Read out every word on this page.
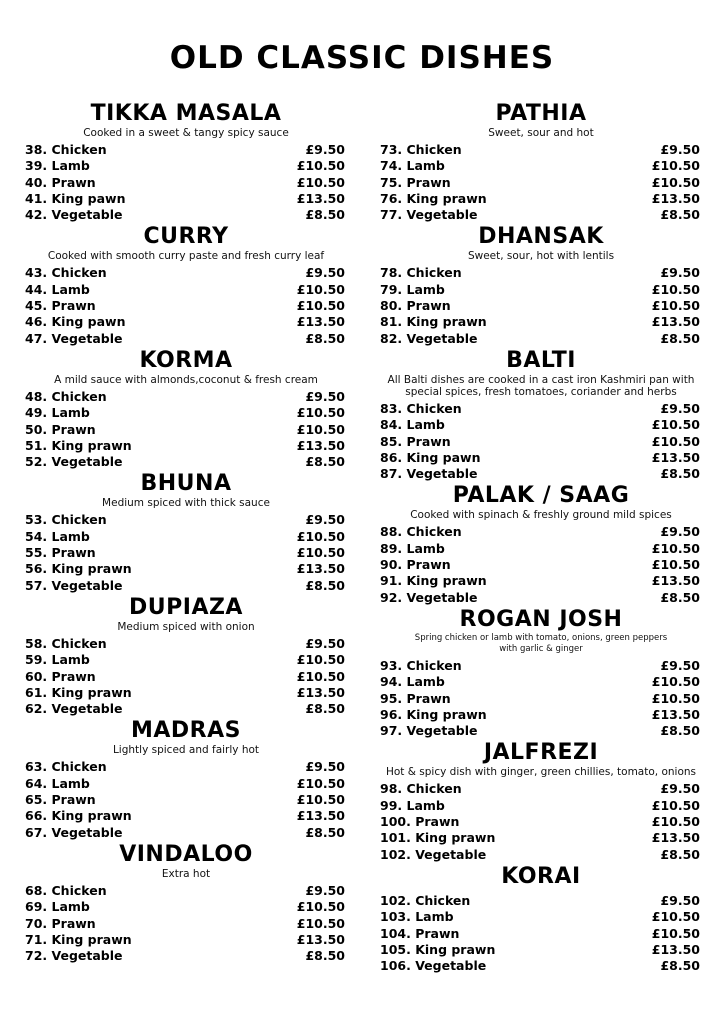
OLD CLASSIC DISHES
TIKKA MASALA
Cooked in a sweet & tangy spicy sauce
38. Chicken	£9.50
39. Lamb	£10.50
40. Prawn	£10.50
41. King pawn	£13.50
42. Vegetable	£8.50
CURRY
Cooked with smooth curry paste and fresh curry leaf
43. Chicken	£9.50
44. Lamb	£10.50
45. Prawn	£10.50
46. King pawn	£13.50
47. Vegetable	£8.50
KORMA
A mild sauce with almonds,coconut & fresh cream
48. Chicken	£9.50
49. Lamb	£10.50
50. Prawn	£10.50
51. King prawn	£13.50
52. Vegetable	£8.50
BHUNA
Medium spiced with thick sauce
53. Chicken	£9.50
54. Lamb	£10.50
55. Prawn	£10.50
56. King prawn	£13.50
57. Vegetable	£8.50
DUPIAZA
Medium spiced with onion
58. Chicken	£9.50
59. Lamb	£10.50
60. Prawn	£10.50
61. King prawn	£13.50
62. Vegetable	£8.50
MADRAS
Lightly spiced and fairly hot
63. Chicken	£9.50
64. Lamb	£10.50
65. Prawn	£10.50
66. King prawn	£13.50
67. Vegetable	£8.50
VINDALOO
Extra hot
68. Chicken	£9.50
69. Lamb	£10.50
70. Prawn	£10.50
71. King prawn	£13.50
72. Vegetable	£8.50
PATHIA
Sweet, sour and hot
73. Chicken	£9.50
74. Lamb	£10.50
75. Prawn	£10.50
76. King prawn	£13.50
77. Vegetable	£8.50
DHANSAK
Sweet, sour, hot with lentils
78. Chicken	£9.50
79. Lamb	£10.50
80. Prawn	£10.50
81. King prawn	£13.50
82. Vegetable	£8.50
BALTI
All Balti dishes are cooked in a cast iron Kashmiri pan with
special spices, fresh tomatoes, coriander and herbs
83. Chicken	£9.50
84. Lamb	£10.50
85. Prawn	£10.50
86. King pawn	£13.50
87. Vegetable	£8.50
PALAK / SAAG
Cooked with spinach & freshly ground mild spices
88. Chicken	£9.50
89. Lamb	£10.50
90. Prawn	£10.50
91. King prawn	£13.50
92. Vegetable	£8.50
ROGAN JOSH
Spring chicken or lamb with tomato, onions, green peppers
with garlic & ginger
93. Chicken	£9.50
94. Lamb	£10.50
95. Prawn	£10.50
96. King prawn	£13.50
97. Vegetable	£8.50
JALFREZI
Hot & spicy dish with ginger, green chillies, tomato, onions
98. Chicken	£9.50
99. Lamb	£10.50
100. Prawn	£10.50
101. King prawn	£13.50
102. Vegetable	£8.50
KORAI
102. Chicken	£9.50
103. Lamb	£10.50
104. Prawn	£10.50
105. King prawn	£13.50
106. Vegetable	£8.50
